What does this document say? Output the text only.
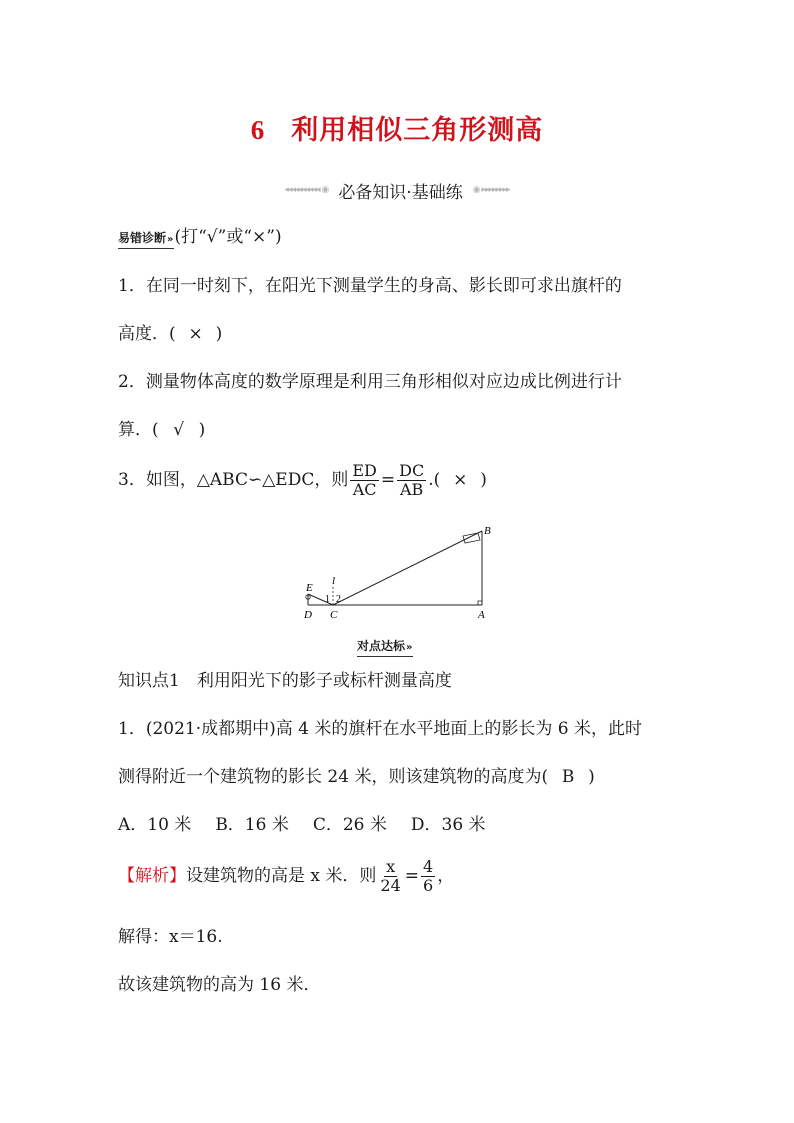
6 利用相似三角形测高
◂◂◂◂◂◂◂◂◂◂ ◉ 必备知识·基础练 ◉ ▸▸▸▸▸▸▸▸
易错诊断»(打“√”或“×”)
1．在同一时刻下，在阳光下测量学生的身高、影长即可求出旗杆的
高度．( × )
2．测量物体高度的数学原理是利用三角形相似对应边成比例进行计
算．( √ )
3．如图，△ABC∽△EDC，则 $\frac{ED}{AC} = \frac{DC}{AB}$ .( × )
B
E
l
1 2
D C	A
对点达标»
知识点1　利用阳光下的影子或标杆测量高度
1．(2021·成都期中)高 4 米的旗杆在水平地面上的影长为 6 米，此时
测得附近一个建筑物的影长 24 米，则该建筑物的高度为( B )
A．10 米 B．16 米 C．26 米 D．36 米
【解析】设建筑物的高是 x 米．则 $\frac{x}{24} = \frac{4}{6}$ ，
解得：x＝16.
故该建筑物的高为 16 米．
